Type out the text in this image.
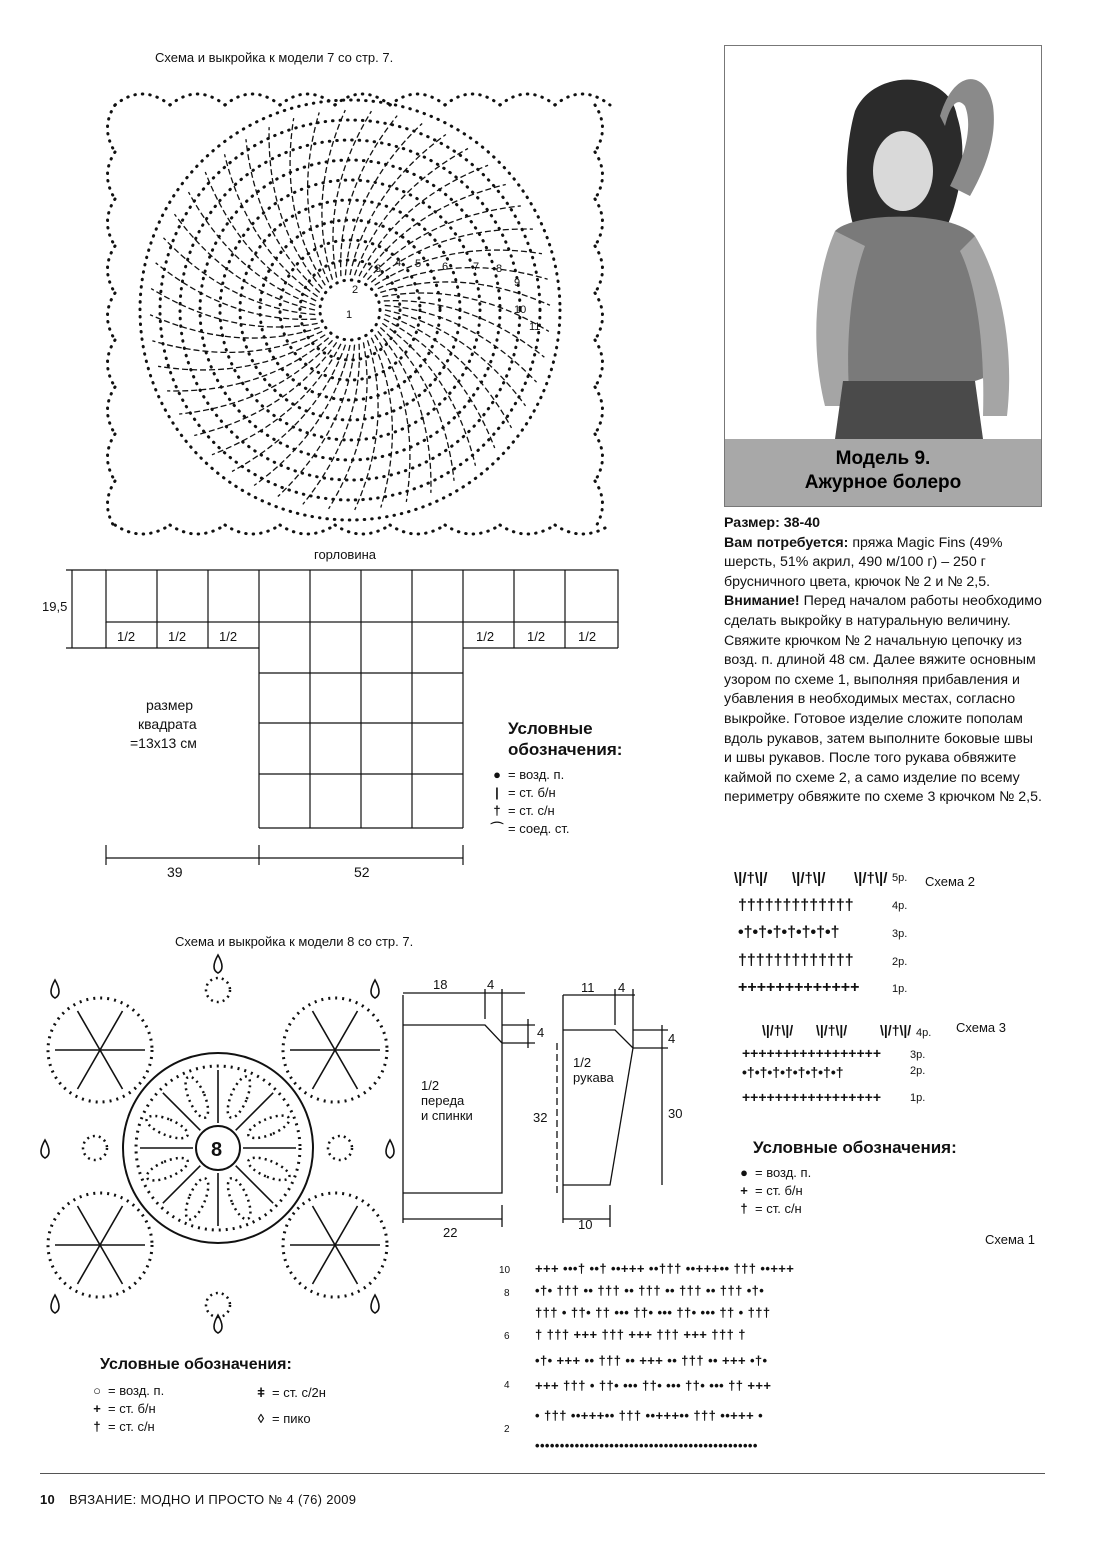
Схема и выкройка к модели 7 со стр. 7.
1
2
3 4 5 6 7 8
9
10
11
горловина
19,5
1/2	1/2	1/2	1/2	1/2	1/2
размер
квадрата
=13x13 см
39	52
Условные
обозначения:
● = возд. п.
| = ст. б/н
† = ст. с/н
⌒ = соед. ст.
Модель 9.
Ажурное болеро

Размер: 38-40

Вам потребуется: пряжа Magic Fins (49% шерсть, 51% акрил, 490 м/100 г) – 250 г брусничного цвета, крючок № 2 и № 2,5.

Внимание! Перед началом работы необходимо сделать выкройку в натуральную величину.

Свяжите крючком № 2 начальную цепочку из возд. п. длиной 48 см. Далее вяжите основным узором по схеме 1, выполняя прибавления и убавления в необходимых местах, согласно выкройке. Готовое изделие сложите пополам вдоль рукавов, затем выполните боковые швы и швы рукавов. После того рукава обвяжите каймой по схеме 2, а само изделие по всему периметру обвяжите по схеме 3 крючком № 2,5.

†††††††††††††
•†•†•†•†•†•†•†
†††††††††††††
+++++++++++++
\|/†\|/ \|/†\|/ \|/†\|/	Схема 2
5р.
4р.
3р.
2р.
1р.
+++++++++++++++++
•†•†•†•†•†•†•†•†
+++++++++++++++++
\|/†\|/ \|/†\|/ \|/†\|/	Схема 3
4р.
3р.
2р.
1р.
Условные обозначения:
● = возд. п.
+ = ст. б/н
† = ст. с/н
Схема и выкройка к модели 8 со стр. 7.
8
18	4
4
32
22
1/2
переда
и спинки
11 4
4
30
10
1/2
рукава
Условные обозначения:
○ = возд. п.
+ = ст. б/н
† = ст. с/н
ǂ = ст. с/2н
◊ = пико
Схема 1
+++ •••† ••† ••+++ ••††† ••+++•• ††† ••+++
•†• ††† •• ††† •• ††† •• ††† •• ††† •†•
††† • ††• †† ••• ††• ••• ††• ••• †† • †††
† ††† +++ ††† +++ ††† +++ ††† †
•†• +++ •• ††† •• +++ •• ††† •• +++ •†•
+++ ††† • ††• ••• ††• ••• ††• ••• †† +++
• ††† ••+++•• ††† ••+++•• ††† ••+++ •
•••••••••••••••••••••••••••••••••••••••••••••
10
8
6
4
2
10 ВЯЗАНИЕ: МОДНО И ПРОСТО № 4 (76) 2009
